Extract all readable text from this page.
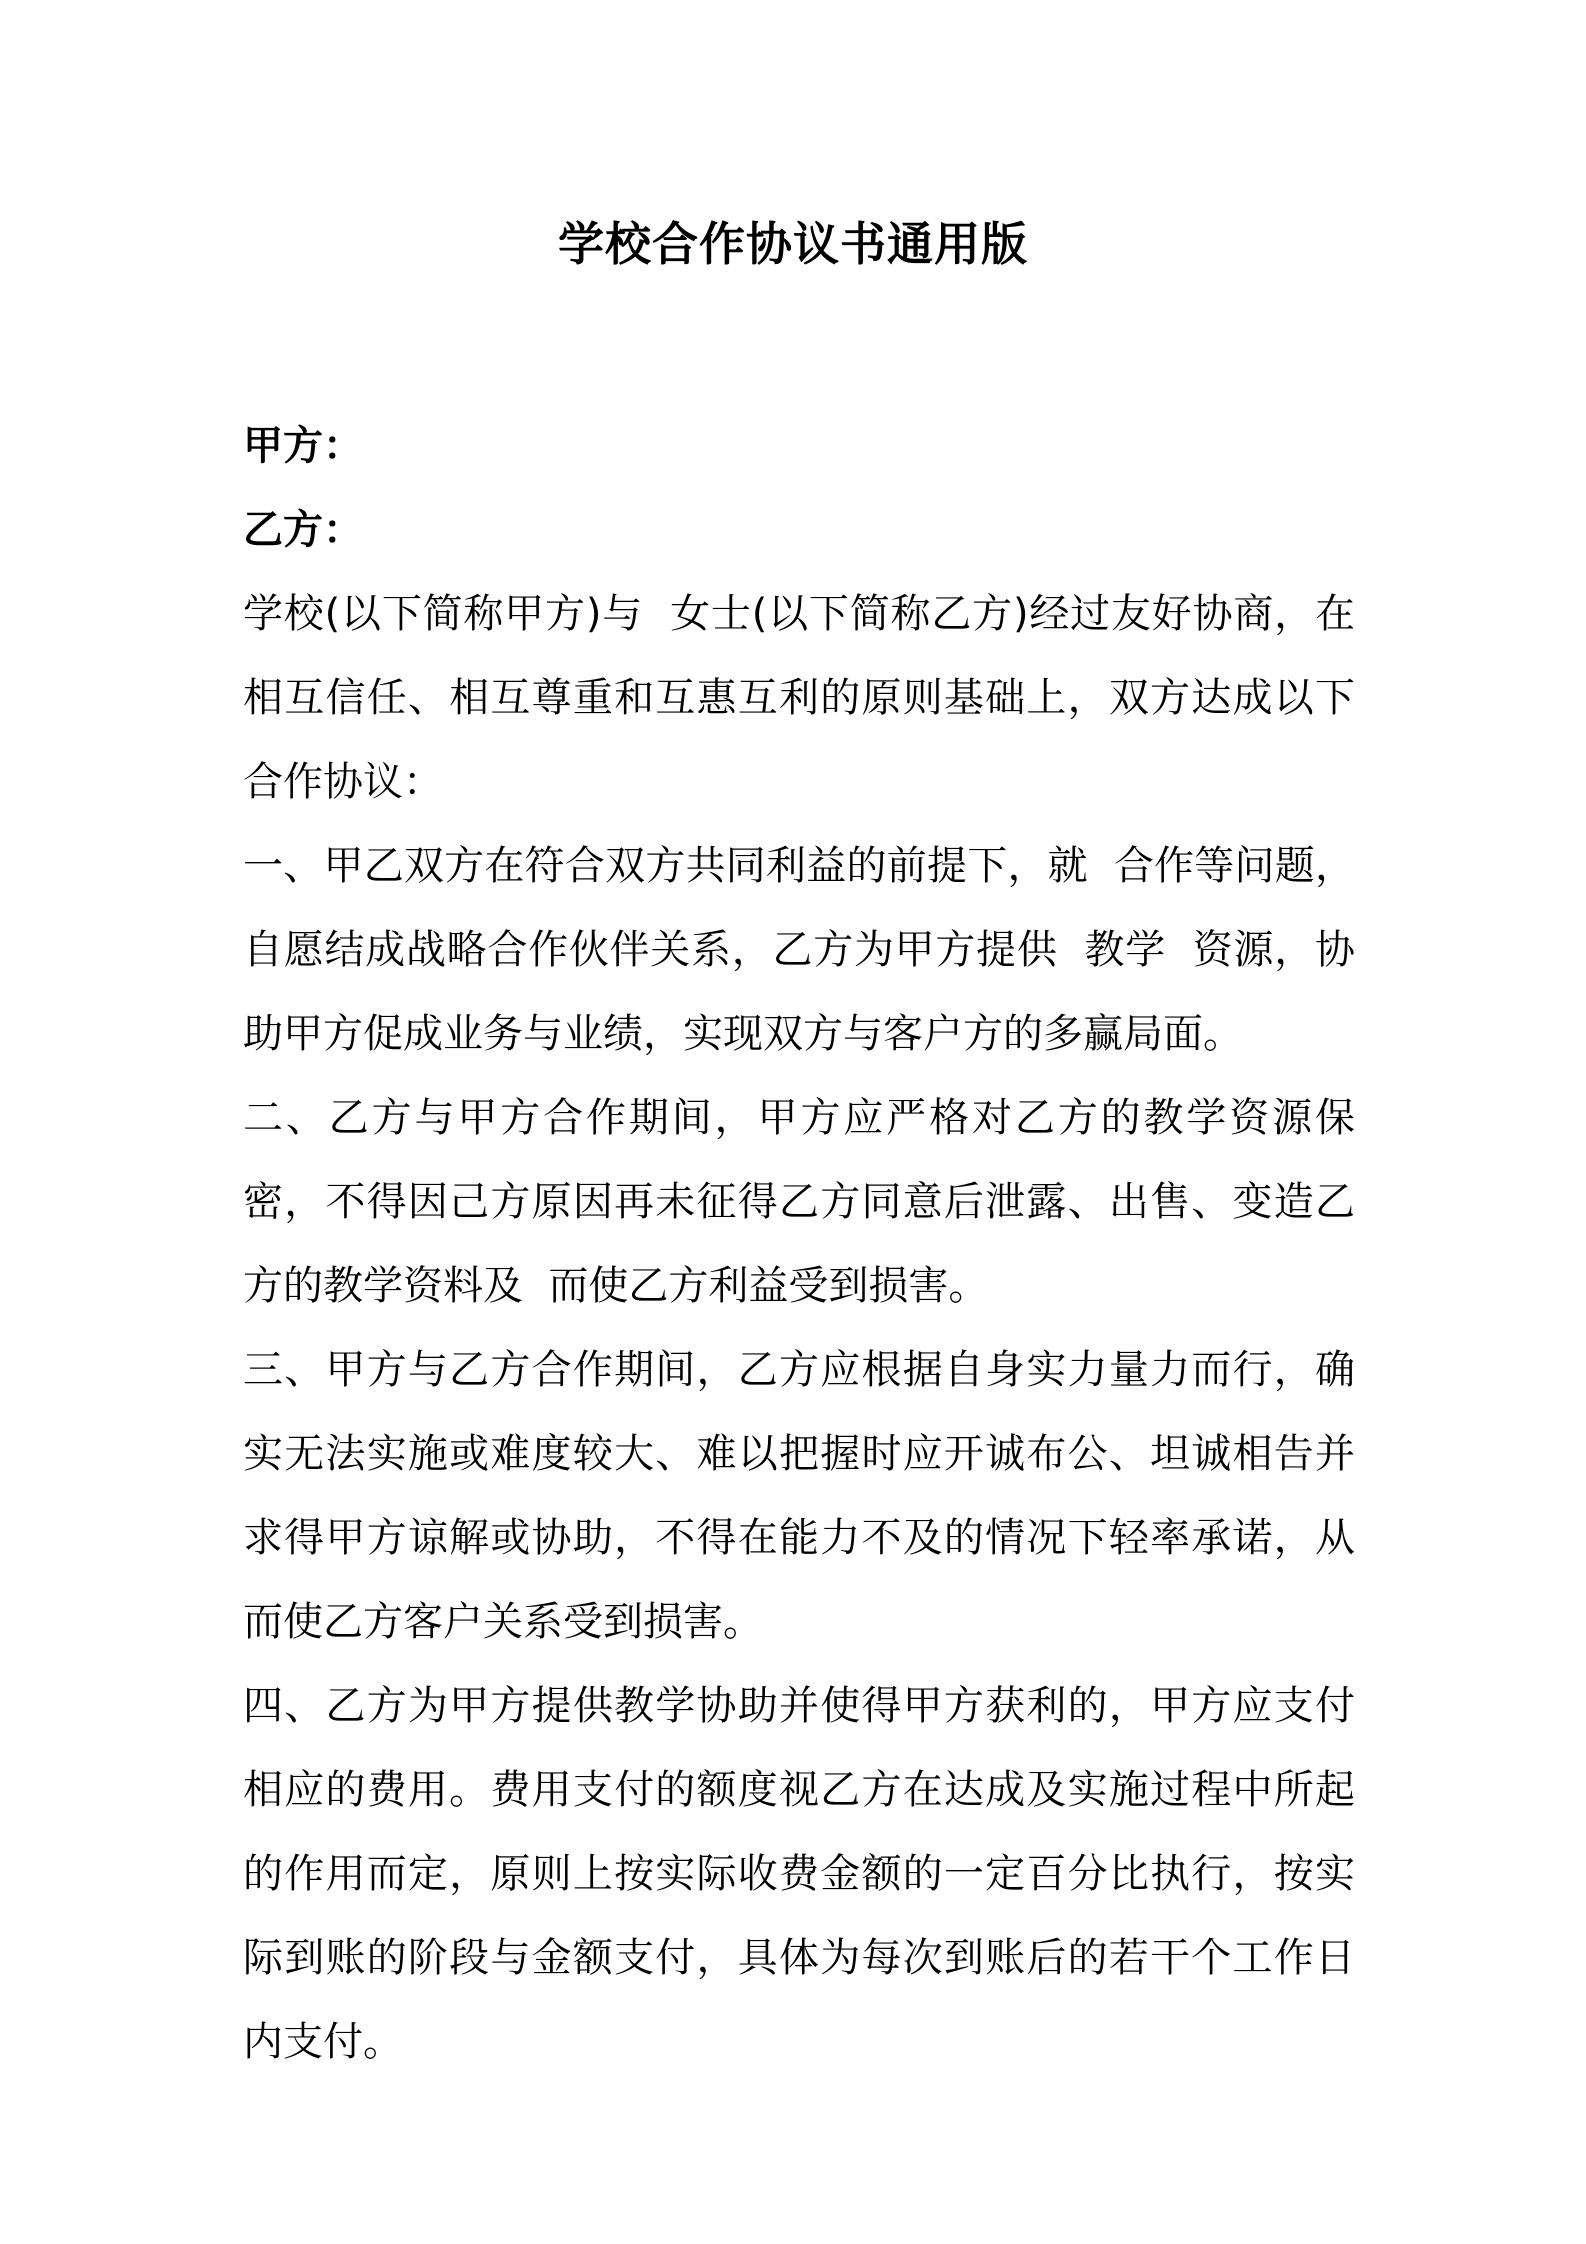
学校合作协议书通用版

甲方：

乙方：

学校(以下简称甲方)与  女士(以下简称乙方)经过友好协商，在相互信任、相互尊重和互惠互利的原则基础上，双方达成以下合作协议：

一、甲乙双方在符合双方共同利益的前提下，就  合作等问题，自愿结成战略合作伙伴关系，乙方为甲方提供  教学  资源，协助甲方促成业务与业绩，实现双方与客户方的多赢局面。

二、乙方与甲方合作期间，甲方应严格对乙方的教学资源保密，不得因己方原因再未征得乙方同意后泄露、出售、变造乙方的教学资料及  而使乙方利益受到损害。

三、甲方与乙方合作期间，乙方应根据自身实力量力而行，确实无法实施或难度较大、难以把握时应开诚布公、坦诚相告并求得甲方谅解或协助，不得在能力不及的情况下轻率承诺，从而使乙方客户关系受到损害。

四、乙方为甲方提供教学协助并使得甲方获利的，甲方应支付相应的费用。费用支付的额度视乙方在达成及实施过程中所起的作用而定，原则上按实际收费金额的一定百分比执行，按实际到账的阶段与金额支付，具体为每次到账后的若干个工作日内支付。
